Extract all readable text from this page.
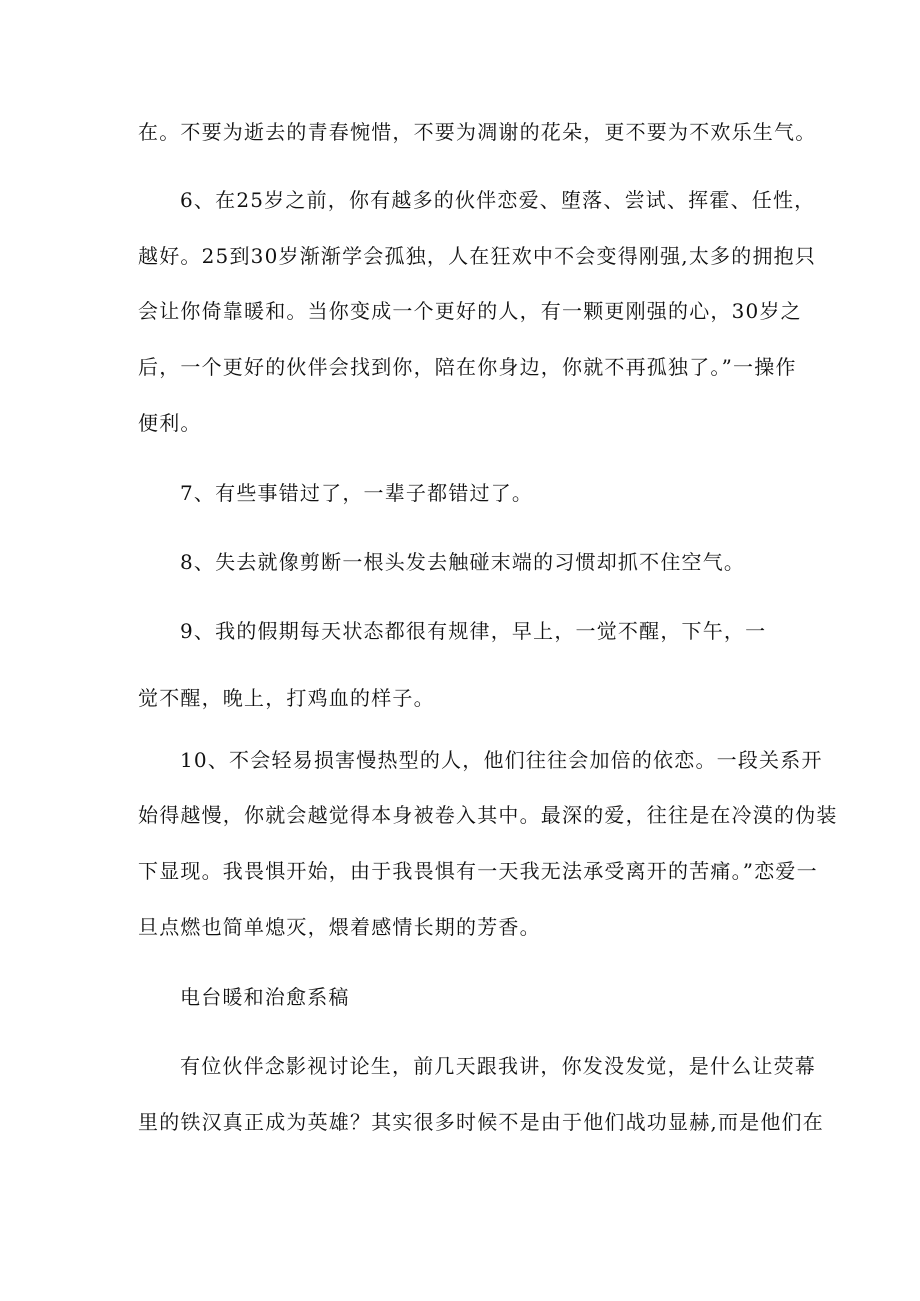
在。不要为逝去的青春惋惜，不要为凋谢的花朵，更不要为不欢乐生气。
6、在25岁之前，你有越多的伙伴恋爱、堕落、尝试、挥霍、任性，
越好。25到30岁渐渐学会孤独，人在狂欢中不会变得刚强,太多的拥抱只
会让你倚靠暖和。当你变成一个更好的人，有一颗更刚强的心，30岁之
后，一个更好的伙伴会找到你，陪在你身边，你就不再孤独了。”一操作
便利。
7、有些事错过了，一辈子都错过了。
8、失去就像剪断一根头发去触碰末端的习惯却抓不住空气。
9、我的假期每天状态都很有规律，早上，一觉不醒，下午，一
觉不醒，晚上，打鸡血的样子。
10、不会轻易损害慢热型的人，他们往往会加倍的依恋。一段关系开
始得越慢，你就会越觉得本身被卷入其中。最深的爱，往往是在冷漠的伪装
下显现。我畏惧开始，由于我畏惧有一天我无法承受离开的苦痛。”恋爱一
旦点燃也简单熄灭，煨着感情长期的芳香。
电台暖和治愈系稿
有位伙伴念影视讨论生，前几天跟我讲，你发没发觉，是什么让荧幕
里的铁汉真正成为英雄？其实很多时候不是由于他们战功显赫,而是他们在
